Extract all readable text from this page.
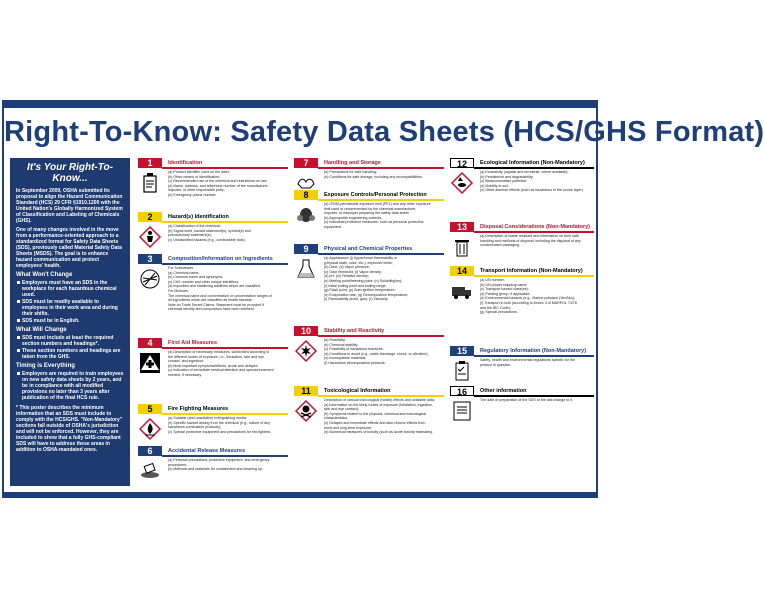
Right-To-Know: Safety Data Sheets (HCS/GHS Format)
It's Your Right-To-Know...
In September 2009, OSHA submitted its proposal to align the Hazard Communication Standard (HCS) 29 CFR §1910.1200 with the United Nation's Globally Harmonized System of Classification and Labeling of Chemicals (GHS).
One of many changes involved in the move from a performance-oriented approach to a standardized format for Safety Data Sheets (SDS), previously called Material Safety Data Sheets (MSDS). The goal is to enhance hazard communication and protect employees' health.
What Won't Change
Employers must have an SDS in the workplace for each hazardous chemical used.
SDS must be readily available to employees in their work area and during their shifts.
SDS must be in English.
What Will Change
SDS must include at least the required section numbers and headings*.
These section numbers and headings are taken from the GHS.
Timing is Everything
Employers are required to train employees on new safety data sheets by 2 years, and be in compliance with all modified provisions no later than 3 years after publication of the final HCS rule.
* This poster describes the minimum information that an SDS must include to comply with the HCS/GHS. "Non-Mandatory" sections fall outside of OSHA's jurisdiction and will not be enforced. However, they are included to show that a fully GHS-compliant SDS will have to address these areas in addition to OSHA-mandated ones.
1	Identification
(a) Product identifier used on the label;
(b) Other means of identification;
(c) Recommended use of the chemical and restrictions on use;
(d) Name, address, and telephone number of the manufacturer,
importer, or other responsible party;
(e) Emergency phone number.
2	Hazard(s) Identification
(a) Classification of the chemical;
(b) Signal word, hazard statement(s), symbol(s) and
precautionary statement(s);
(c) Unclassified hazards (e.g., combustible dust).
3	Composition/Information on Ingredients
For Substances
(a) Chemical name;
(b) Common name and synonyms;
(c) CAS number and other unique identifiers;
(d) Impurities and stabilizing additives which are classified.
For Mixtures
The chemical name and concentration or concentration ranges of
all ingredients which are classified as health hazards.
Note on Trade Secret Claims: Statement must be provided if
chemical identity and composition have been withheld.
4	First Aid Measures
(a) Description of necessary measures, subdivided according to
the different routes of exposure, i.e., inhalation, skin and eye
contact, and ingestion;
(b) Most important symptoms/effects, acute and delayed;
(c) Indication of immediate medical attention and special treatment
needed, if necessary.
5	Fire Fighting Measures
(a) Suitable (and unsuitable) extinguishing media;
(b) Specific hazard arising from the chemical (e.g., nature of any
hazardous combustion products);
(c) Special protective equipment and precautions for fire-fighters.
6	Accidental Release Measures
(a) Personal precautions, protective equipment, and emergency
procedures;
(b) Methods and materials for containment and cleaning up.
7	Handling and Storage
(a) Precautions for safe handling;
(b) Conditions for safe storage, including any incompatibilities.
8	Exposure Controls/Personal Protection
(a) OSHA permissible exposure limit (PEL) and any other exposure
limit used or recommended by the chemical manufacturer,
importer, or employer preparing the safety data sheet;
(b) Appropriate engineering controls;
(c) Individual protection measures, such as personal protective
equipment.
9	Physical and Chemical Properties
(a) Appearance (j) Upper/lower flammability or
(physical state, color, etc.); explosive limits;
(b) Odor; (k) Vapor pressure;
(c) Odor threshold; (l) Vapor density;
(d) pH; (m) Relative density;
(e) Melting point/freezing point; (n) Solubility(ies);
(f) Initial boiling point and boiling range;
(g) Flash point; (p) Auto-ignition temperature;
(h) Evaporation rate; (q) Decomposition temperature;
(i) Flammability (solid, gas); (r) Viscosity.
10	Stability and Reactivity
(a) Reactivity;
(b) Chemical stability;
(c) Possibility of hazardous reactions;
(d) Conditions to avoid (e.g., static discharge, shock, or vibration);
(e) Incompatible materials;
(f) Hazardous decomposition products.
11	Toxicological Information
Description of various toxicological (health) effects and available data,
(a) Information on the likely routes of exposure (inhalation, ingestion,
skin and eye contact);
(b) Symptoms related to the physical, chemical and toxicological
characteristics;
(c) Delayed and immediate effects and also chronic effects from
short and long-term exposure;
(d) Numerical measures of toxicity (such as acute toxicity estimates).
12	Ecological Information (Non-Mandatory)
(a) Ecotoxicity (aquatic and terrestrial, where available);
(b) Persistence and degradability;
(c) Bioaccumulative potential;
(d) Mobility in soil;
(e) Other adverse effects (such as hazardous to the ozone layer).
13	Disposal Considerations (Non-Mandatory)
(a) Description of waste residues and information on their safe
handling and methods of disposal, including the disposal of any
contaminated packaging.
14	Transport Information (Non-Mandatory)
(a) UN number;
(b) UN proper shipping name;
(c) Transport hazard class(es);
(d) Packing group, if applicable;
(e) Environmental hazards (e.g., Marine pollutant (Yes/No));
(f) Transport in bulk (according to Annex II of MARPOL 73/78
and the IBC Code);
(g) Special precautions.
15	Regulatory Information (Non-Mandatory)
Safety, health and environmental regulations specific for the
product in question.
16	Other information
The date of preparation of the SDS or the last change to it.
